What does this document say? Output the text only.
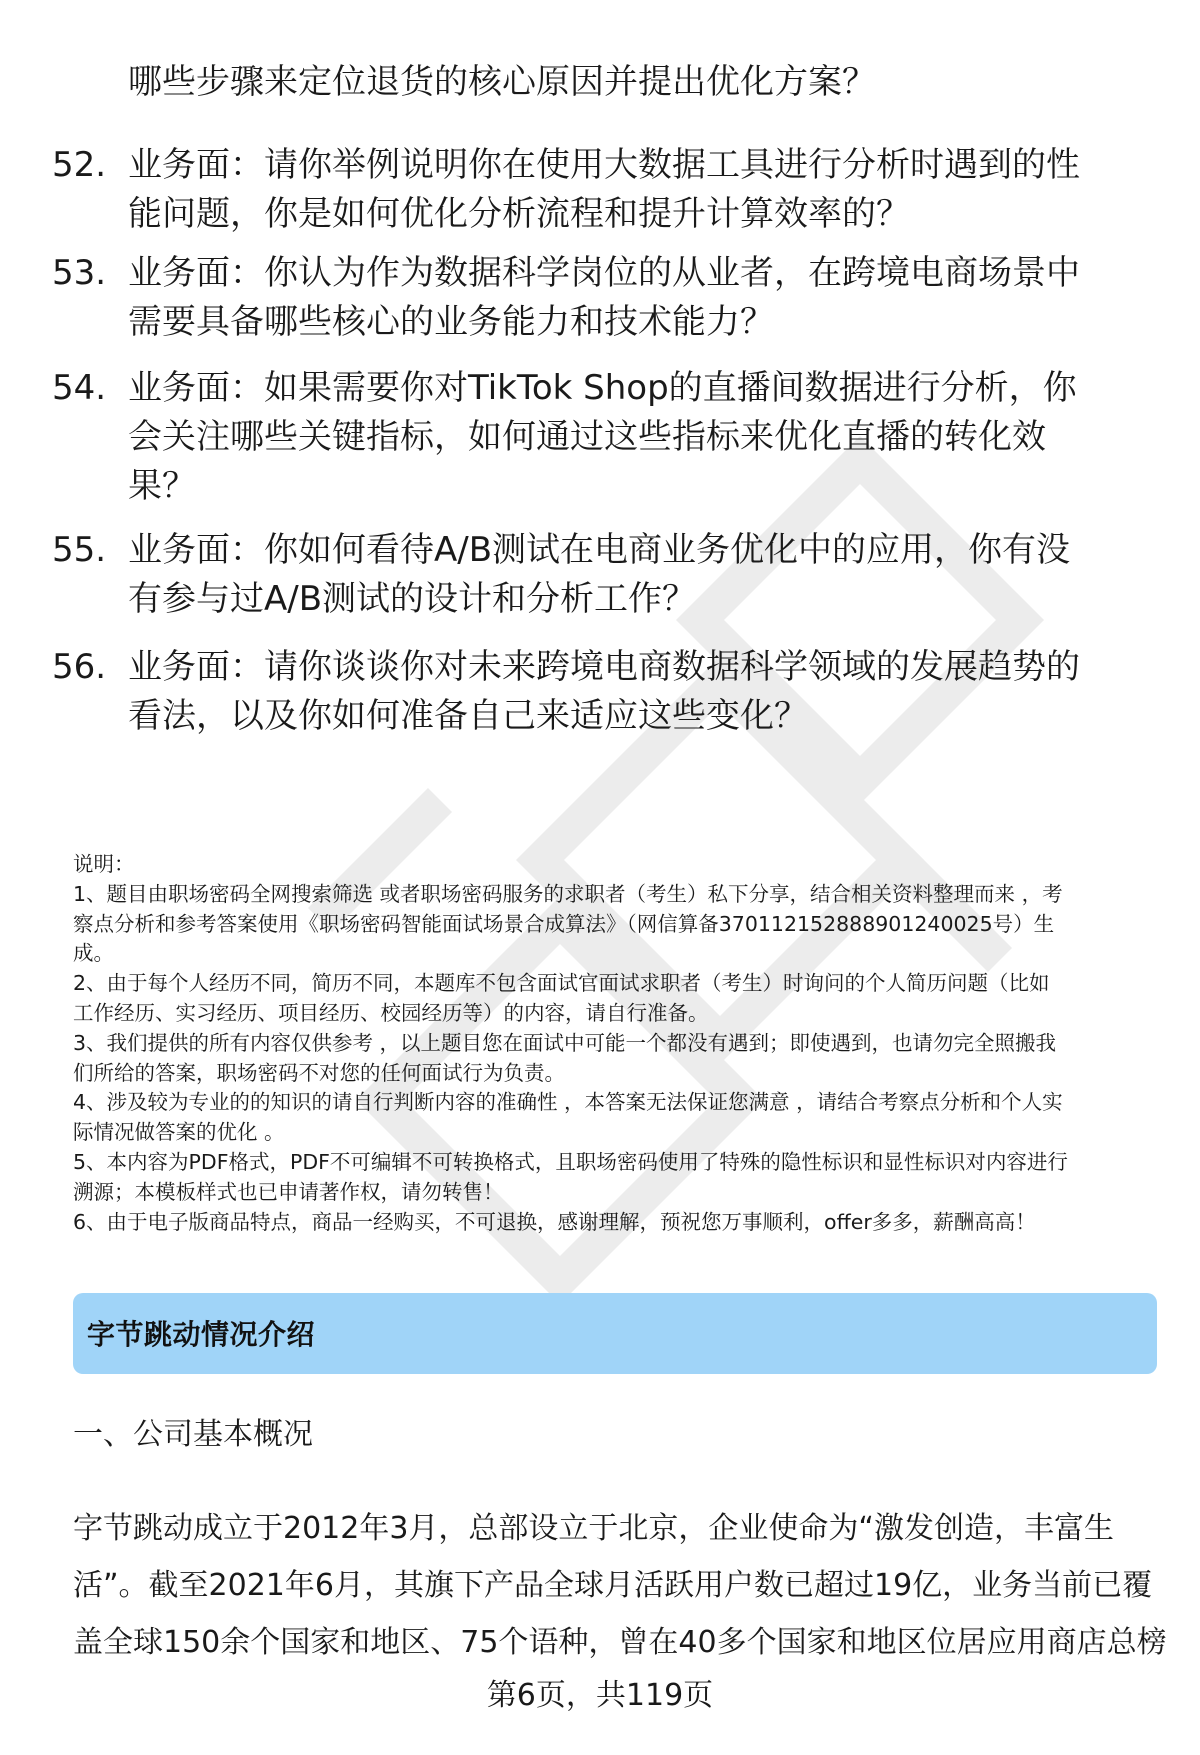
哪些步骤来定位退货的核心原因并提出优化方案？
52. 业务面：请你举例说明你在使用大数据工具进行分析时遇到的性
能问题，你是如何优化分析流程和提升计算效率的？
53. 业务面：你认为作为数据科学岗位的从业者，在跨境电商场景中
需要具备哪些核心的业务能力和技术能力？
54. 业务面：如果需要你对TikTok Shop的直播间数据进行分析，你
会关注哪些关键指标，如何通过这些指标来优化直播的转化效
果？
55. 业务面：你如何看待A/B测试在电商业务优化中的应用，你有没
有参与过A/B测试的设计和分析工作？
56. 业务面：请你谈谈你对未来跨境电商数据科学领域的发展趋势的
看法，以及你如何准备自己来适应这些变化？
说明：
1、题目由职场密码全网搜索筛选 或者职场密码服务的求职者（考生）私下分享，结合相关资料整理而来 ，考
察点分析和参考答案使用《职场密码智能面试场景合成算法》（网信算备370112152888901240025号）生
成。
2、由于每个人经历不同，简历不同，本题库不包含面试官面试求职者（考生）时询问的个人简历问题（比如
工作经历、实习经历、项目经历、校园经历等）的内容，请自行准备。
3、我们提供的所有内容仅供参考 ，以上题目您在面试中可能一个都没有遇到；即使遇到，也请勿完全照搬我
们所给的答案，职场密码不对您的任何面试行为负责。
4、涉及较为专业的的知识的请自行判断内容的准确性 ，本答案无法保证您满意 ，请结合考察点分析和个人实
际情况做答案的优化 。
5、本内容为PDF格式，PDF不可编辑不可转换格式，且职场密码使用了特殊的隐性标识和显性标识对内容进行
溯源；本模板样式也已申请著作权，请勿转售！
6、由于电子版商品特点，商品一经购买，不可退换，感谢理解，预祝您万事顺利，offer多多，薪酬高高！
字节跳动情况介绍
一、公司基本概况
字节跳动成立于2012年3月，总部设立于北京，企业使命为“激发创造，丰富生
活”。截至2021年6月，其旗下产品全球月活跃用户数已超过19亿，业务当前已覆
盖全球150余个国家和地区、75个语种，曾在40多个国家和地区位居应用商店总榜
第6页，共119页
